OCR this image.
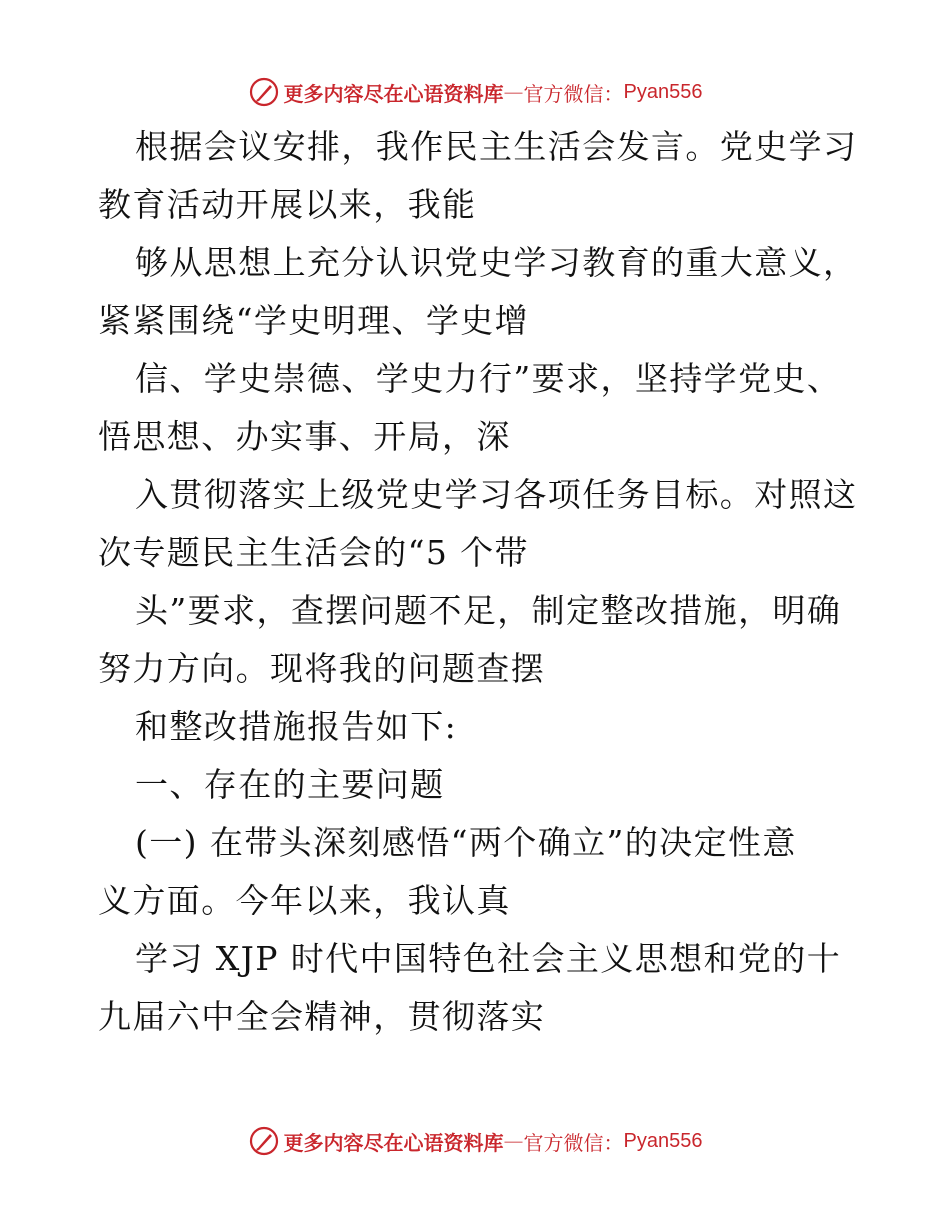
更多内容尽在心语资料库 — 官方微信： Pyan556
根据会议安排，我作民主生活会发言。党史学习
教育活动开展以来，我能
够从思想上充分认识党史学习教育的重大意义，
紧紧围绕“学史明理、学史增
信、学史崇德、学史力行”要求，坚持学党史、
悟思想、办实事、开局，深
入贯彻落实上级党史学习各项任务目标。对照这
次专题民主生活会的“5 个带
头”要求，查摆问题不足，制定整改措施，明确
努力方向。现将我的问题查摆
和整改措施报告如下:
一、存在的主要问题
(一) 在带头深刻感悟“两个确立”的决定性意
义方面。今年以来，我认真
学习 XJP 时代中国特色社会主义思想和党的十
九届六中全会精神，贯彻落实
更多内容尽在心语资料库 — 官方微信： Pyan556
